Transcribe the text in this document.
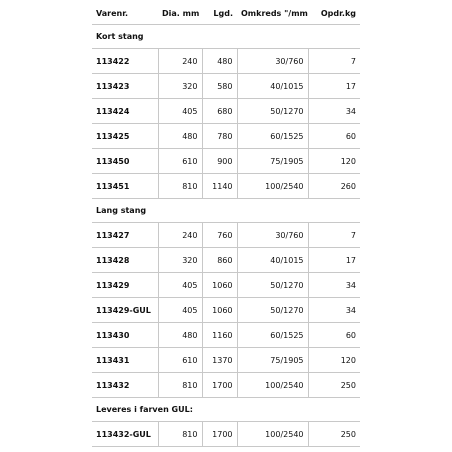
Varenr.	Dia. mm	Lgd.	Omkreds "/mm	Opdr.kg
Kort stang				
113422	240	480	30/760	7
113423	320	580	40/1015	17
113424	405	680	50/1270	34
113425	480	780	60/1525	60
113450	610	900	75/1905	120
113451	810	1140	100/2540	260
Lang stang				
113427	240	760	30/760	7
113428	320	860	40/1015	17
113429	405	1060	50/1270	34
113429-GUL	405	1060	50/1270	34
113430	480	1160	60/1525	60
113431	610	1370	75/1905	120
113432	810	1700	100/2540	250
Leveres i farven GUL:				
113432-GUL	810	1700	100/2540	250
